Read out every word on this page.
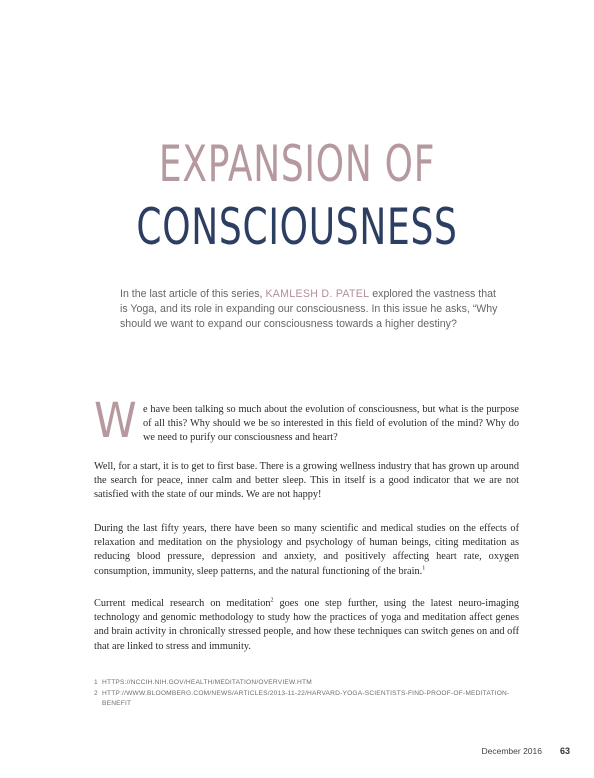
EXPANSION OF
CONSCIOUSNESS
In the last article of this series, KAMLESH D. PATEL explored the vastness that is Yoga, and its role in expanding our consciousness. In this issue he asks, “Why should we want to expand our consciousness towards a higher destiny?
W e have been talking so much about the evolution of consciousness, but what is the purpose of all this? Why should we be so interested in this field of evolution of the mind? Why do we need to purify our consciousness and heart?
Well, for a start, it is to get to first base. There is a growing wellness industry that has grown up around the search for peace, inner calm and better sleep. This in itself is a good indicator that we are not satisfied with the state of our minds. We are not happy!
During the last fifty years, there have been so many scientific and medical studies on the effects of relaxation and meditation on the physiology and psychology of human beings, citing meditation as reducing blood pressure, depression and anxiety, and positively affecting heart rate, oxygen consumption, immunity, sleep patterns, and the natural functioning of the brain.$^1$
Current medical research on meditation$^2$ goes one step further, using the latest neuro-imaging technology and genomic methodology to study how the practices of yoga and meditation affect genes and brain activity in chronically stressed people, and how these techniques can switch genes on and off that are linked to stress and immunity.
1 HTTPS://NCCIH.NIH.GOV/HEALTH/MEDITATION/OVERVIEW.HTM
2 HTTP://WWW.BLOOMBERG.COM/NEWS/ARTICLES/2013-11-22/HARVARD-YOGA-SCIENTISTS-FIND-PROOF-OF-MEDITATION-BENEFIT
December 2016 63
